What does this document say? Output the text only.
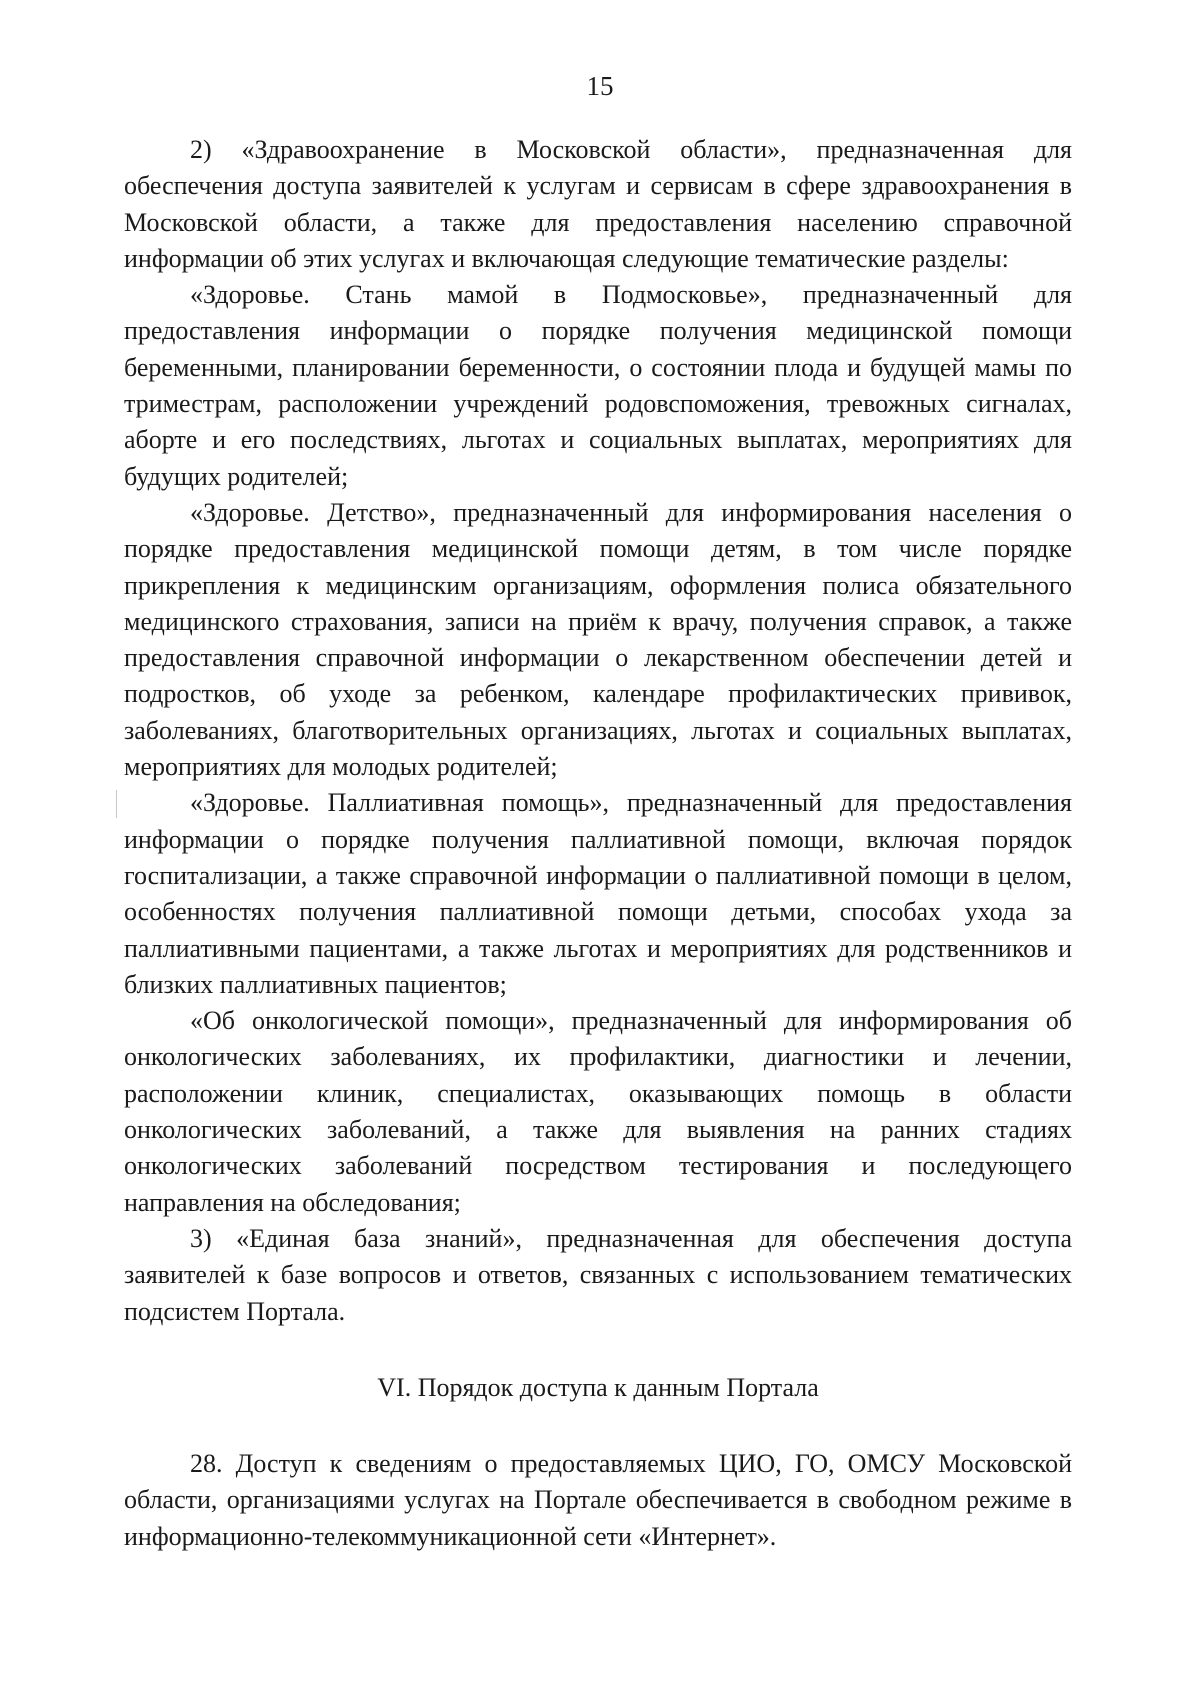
15

2) «Здравоохранение в Московской области», предназначенная для обеспечения доступа заявителей к услугам и сервисам в сфере здравоохранения в Московской области, а также для предоставления населению справочной информации об этих услугах и включающая следующие тематические разделы:

«Здоровье. Стань мамой в Подмосковье», предназначенный для предоставления информации о порядке получения медицинской помощи беременными, планировании беременности, о состоянии плода и будущей мамы по триместрам, расположении учреждений родовспоможения, тревожных сигналах, аборте и его последствиях, льготах и социальных выплатах, мероприятиях для будущих родителей;

«Здоровье. Детство», предназначенный для информирования населения о порядке предоставления медицинской помощи детям, в том числе порядке прикрепления к медицинским организациям, оформления полиса обязательного медицинского страхования, записи на приём к врачу, получения справок, а также предоставления справочной информации о лекарственном обеспечении детей и подростков, об уходе за ребенком, календаре профилактических прививок, заболеваниях, благотворительных организациях, льготах и социальных выплатах, мероприятиях для молодых родителей;

«Здоровье. Паллиативная помощь», предназначенный для предоставления информации о порядке получения паллиативной помощи, включая порядок госпитализации, а также справочной информации о паллиативной помощи в целом, особенностях получения паллиативной помощи детьми, способах ухода за паллиативными пациентами, а также льготах и мероприятиях для родственников и близких паллиативных пациентов;

«Об онкологической помощи», предназначенный для информирования об онкологических заболеваниях, их профилактики, диагностики и лечении, расположении клиник, специалистах, оказывающих помощь в области онкологических заболеваний, а также для выявления на ранних стадиях онкологических заболеваний посредством тестирования и последующего направления на обследования;

3) «Единая база знаний», предназначенная для обеспечения доступа заявителей к базе вопросов и ответов, связанных с использованием тематических подсистем Портала.

VI. Порядок доступа к данным Портала

28. Доступ к сведениям о предоставляемых ЦИО, ГО, ОМСУ Московской области, организациями услугах на Портале обеспечивается в свободном режиме в информационно-телекоммуникационной сети «Интернет».
